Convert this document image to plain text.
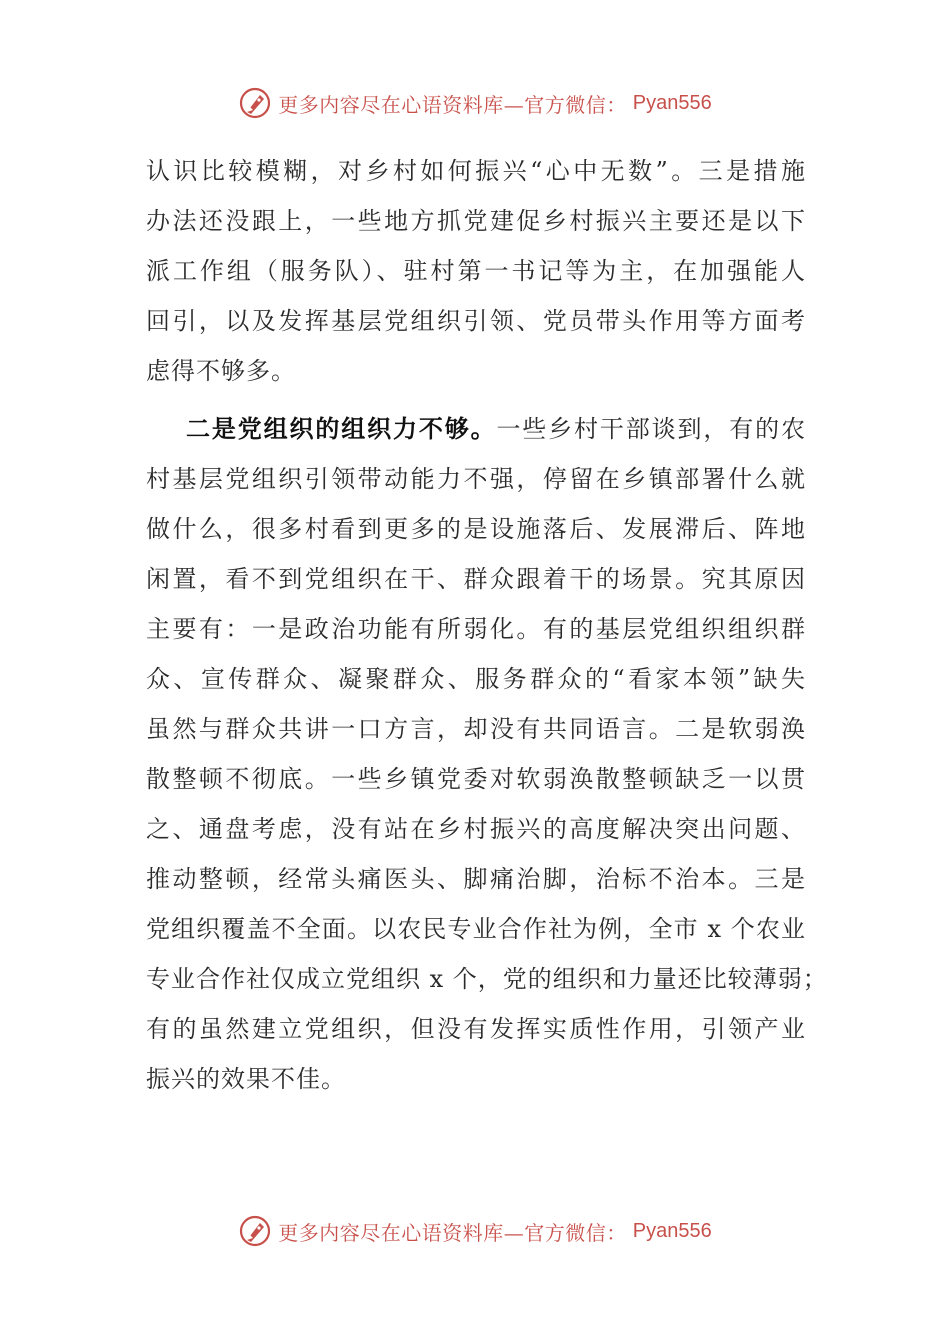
更多内容尽在心语资料库—官方微信： Pyan556
认识比较模糊，对乡村如何振兴“心中无数”。三是措施
办法还没跟上，一些地方抓党建促乡村振兴主要还是以下
派工作组（服务队）、驻村第一书记等为主，在加强能人
回引，以及发挥基层党组织引领、党员带头作用等方面考
虑得不够多。
二是党组织的组织力不够。一些乡村干部谈到，有的农
村基层党组织引领带动能力不强，停留在乡镇部署什么就
做什么，很多村看到更多的是设施落后、发展滞后、阵地
闲置，看不到党组织在干、群众跟着干的场景。究其原因
主要有：一是政治功能有所弱化。有的基层党组织组织群
众、宣传群众、凝聚群众、服务群众的“看家本领”缺失
虽然与群众共讲一口方言，却没有共同语言。二是软弱涣
散整顿不彻底。一些乡镇党委对软弱涣散整顿缺乏一以贯
之、通盘考虑，没有站在乡村振兴的高度解决突出问题、
推动整顿，经常头痛医头、脚痛治脚，治标不治本。三是
党组织覆盖不全面。以农民专业合作社为例，全市 x 个农业
专业合作社仅成立党组织 x 个，党的组织和力量还比较薄弱；
有的虽然建立党组织，但没有发挥实质性作用，引领产业
振兴的效果不佳。
更多内容尽在心语资料库—官方微信： Pyan556
